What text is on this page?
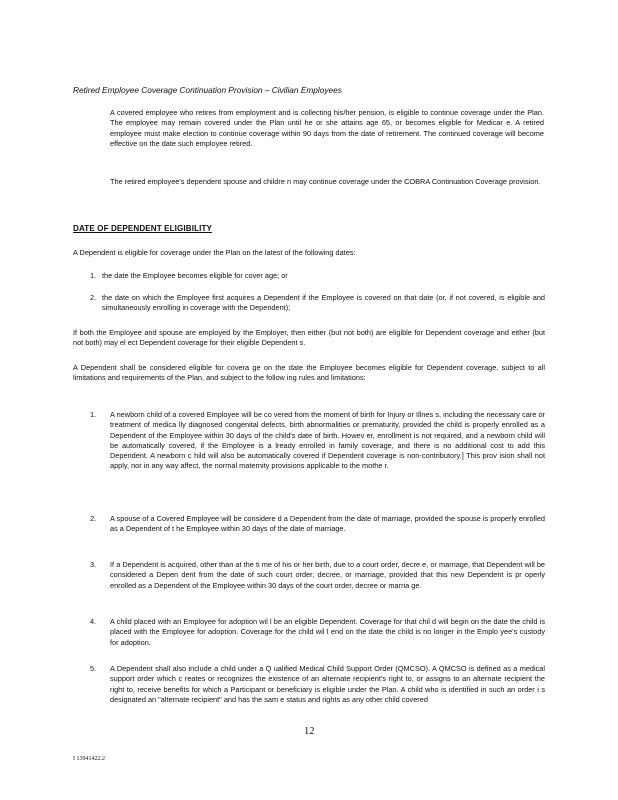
Retired Employee Coverage Continuation Provision – Civilian Employees
A covered employee who retires from employment and is collecting his/her pension, is eligible to continue coverage under the Plan. The employee may remain covered under the Plan until he or she attains age 65, or becomes eligible for Medicar e. A retired employee must make election to continue coverage within 90 days from the date of retirement. The continued coverage will become effective on the date such employee retired.
The retired employee's dependent spouse and childre n may continue coverage under the COBRA Continuation Coverage provision.
DATE OF DEPENDENT ELIGIBILITY
A Dependent is eligible for coverage under the Plan on the latest of the following dates:
1. the date the Employee becomes eligible for cover age; or
2. the date on which the Employee first acquires a Dependent if the Employee is covered on that date (or, if not covered, is eligible and simultaneously enrolling in coverage with the Dependent);
If both the Employee and spouse are employed by the Employer, then either (but not both) are eligible for Dependent coverage and either (but not both) may el ect Dependent coverage for their eligible Dependent s.
A Dependent shall be considered eligible for covera ge on the date the Employee becomes eligible for Dependent coverage, subject to all limitations and requirements of the Plan, and subject to the follow ing rules and limitations:
1. A newborn child of a covered Employee will be co vered from the moment of birth for Injury or Illnes s, including the necessary care or treatment of medica lly diagnosed congenital defects, birth abnormalities or prematurity, provided the child is properly enrolled as a Dependent of the Employee within 30 days of the child's date of birth. Howev er, enrollment is not required, and a newborn child will be automatically covered, if the Employee is a lready enrolled in family coverage, and there is no additional cost to add this Dependent. A newborn c hild will also be automatically covered if Dependent coverage is non-contributory.] This prov ision shall not apply, nor in any way affect, the normal maternity provisions applicable to the mothe r.
2. A spouse of a Covered Employee will be considere d a Dependent from the date of marriage, provided the spouse is properly enrolled as a Dependent of t he Employee within 30 days of the date of marriage.
3. If a Dependent is acquired, other than at the ti me of his or her birth, due to a court order, decre e, or marriage, that Dependent will be considered a Depen dent from the date of such court order, decree, or marriage, provided that this new Dependent is pr operly enrolled as a Dependent of the Employee within 30 days of the court order, decree or marria ge.
4. A child placed with an Employee for adoption wil l be an eligible Dependent. Coverage for that chil d will begin on the date the child is placed with the Employee for adoption. Coverage for the child wil l end on the date the child is no longer in the Emplo yee's custody for adoption.
5. A Dependent shall also include a child under a Q ualified Medical Child Support Order (QMCSO). A QMCSO is defined as a medical support order which c reates or recognizes the existence of an alternate recipient's right to, or assigns to an alternate recipient the right to, receive benefits for which a Participant or beneficiary is eligible under the Plan. A child who is identified in such an order i s designated an "alternate recipient" and has the sam e status and rights as any other child covered
12
I 13941422.2
